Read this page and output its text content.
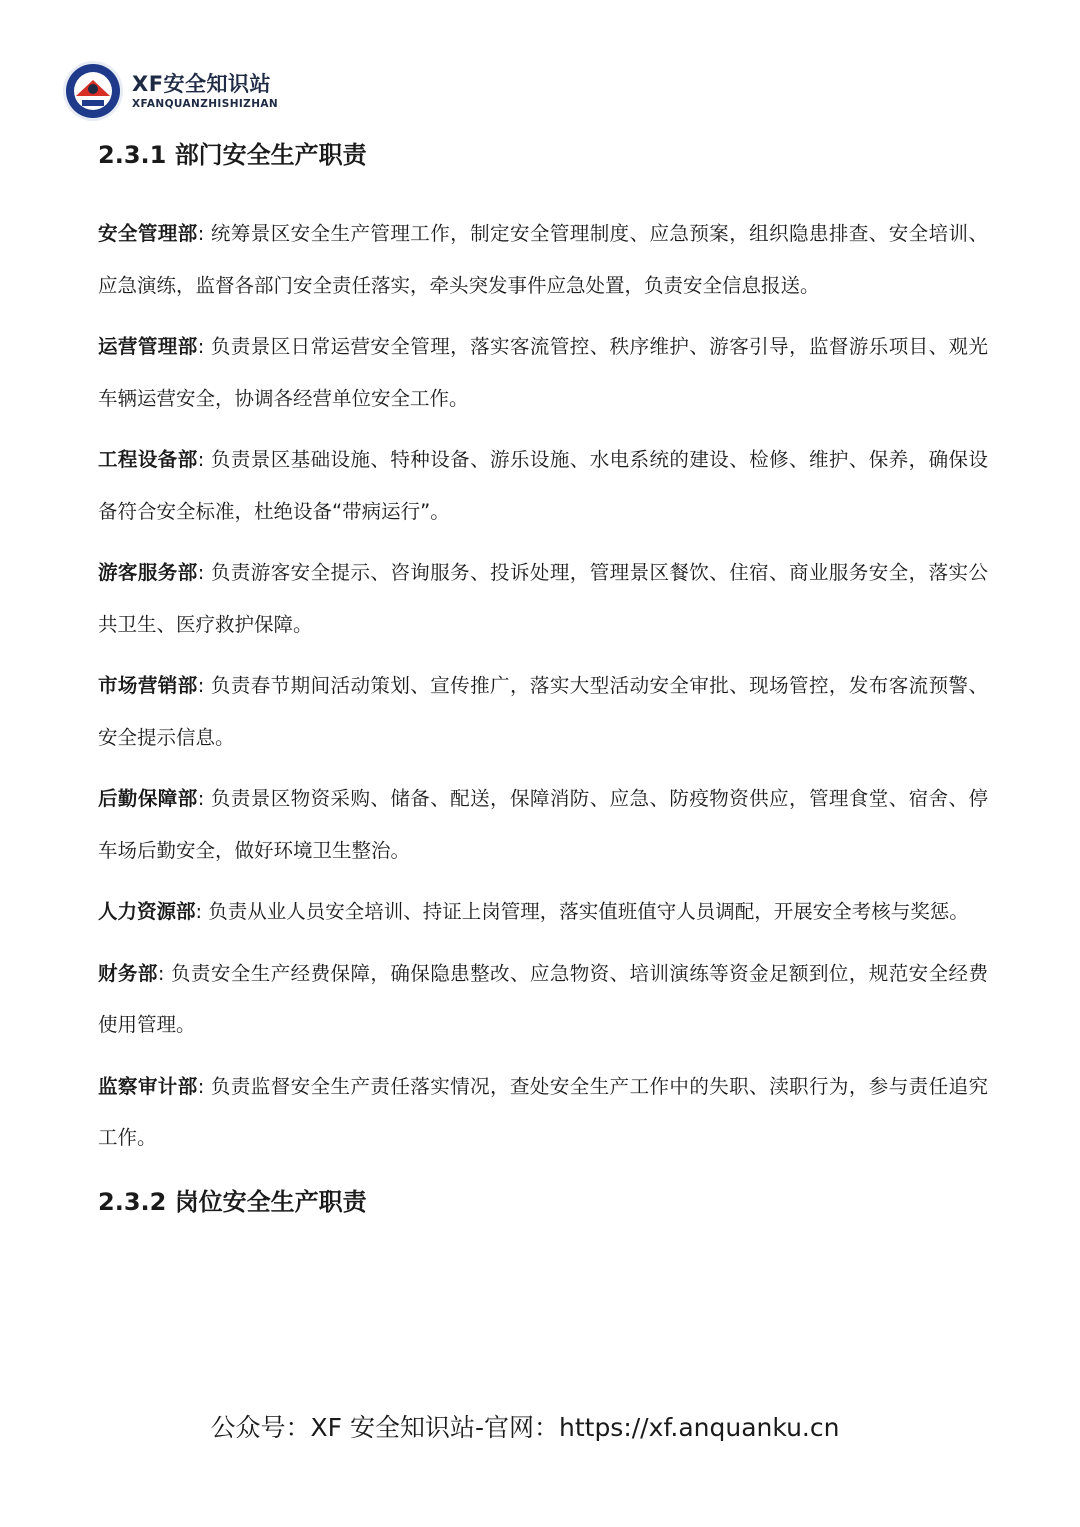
XF安全知识站
XFANQUANZHISHIZHAN
2.3.1 部门安全生产职责

安全管理部: 统筹景区安全生产管理工作，制定安全管理制度、应急预案，组织隐患排查、安全培训、应急演练，监督各部门安全责任落实，牵头突发事件应急处置，负责安全信息报送。

运营管理部: 负责景区日常运营安全管理，落实客流管控、秩序维护、游客引导，监督游乐项目、观光车辆运营安全，协调各经营单位安全工作。

工程设备部: 负责景区基础设施、特种设备、游乐设施、水电系统的建设、检修、维护、保养，确保设备符合安全标准，杜绝设备“带病运行”。

游客服务部: 负责游客安全提示、咨询服务、投诉处理，管理景区餐饮、住宿、商业服务安全，落实公共卫生、医疗救护保障。

市场营销部: 负责春节期间活动策划、宣传推广，落实大型活动安全审批、现场管控，发布客流预警、安全提示信息。

后勤保障部: 负责景区物资采购、储备、配送，保障消防、应急、防疫物资供应，管理食堂、宿舍、停车场后勤安全，做好环境卫生整治。

人力资源部: 负责从业人员安全培训、持证上岗管理，落实值班值守人员调配，开展安全考核与奖惩。

财务部: 负责安全生产经费保障，确保隐患整改、应急物资、培训演练等资金足额到位，规范安全经费使用管理。

监察审计部: 负责监督安全生产责任落实情况，查处安全生产工作中的失职、渎职行为，参与责任追究工作。

2.3.2 岗位安全生产职责
公众号：XF 安全知识站-官网：https://xf.anquanku.cn
